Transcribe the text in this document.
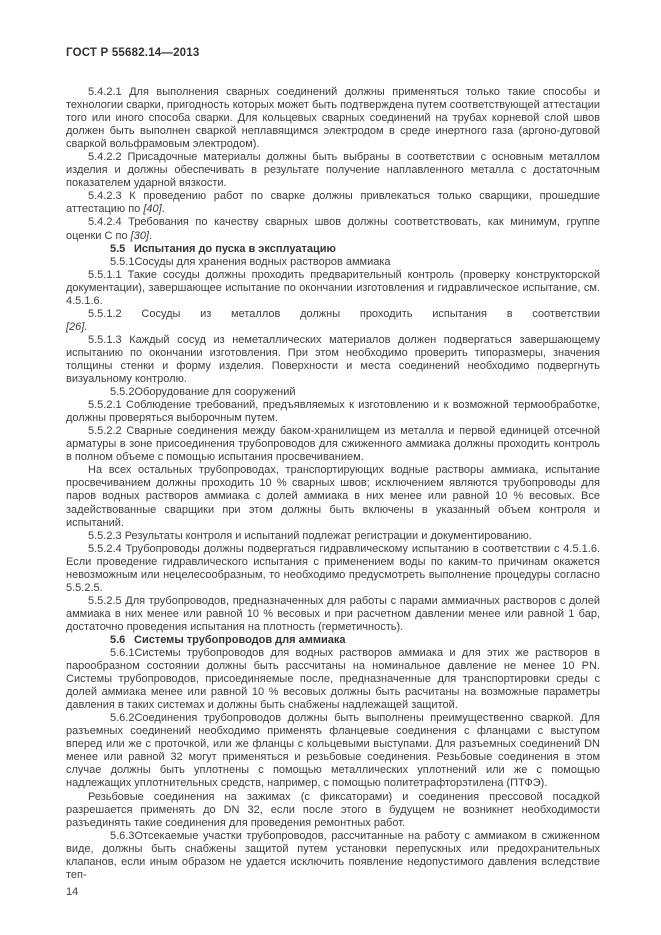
ГОСТ Р 55682.14—2013

5.4.2.1 Для выполнения сварных соединений должны применяться только такие способы и технологии сварки, пригодность которых может быть подтверждена путем соответствующей аттестации того или иного способа сварки. Для кольцевых сварных соединений на трубах корневой слой швов должен быть выполнен сваркой неплавящимся электродом в среде инертного газа (аргоно-дуговой сваркой вольфрамовым электродом).

5.4.2.2 Присадочные материалы должны быть выбраны в соответствии с основным металлом изделия и должны обеспечивать в результате получение наплавленного металла с достаточным показателем ударной вязкости.

5.4.2.3 К проведению работ по сварке должны привлекаться только сварщики, прошедшие аттестацию по [40].

5.4.2.4 Требования по качеству сварных швов должны соответствовать, как минимум, группе оценки С по [30].

5.5 Испытания до пуска в эксплуатацию

5.5.1Сосуды для хранения водных растворов аммиака

5.5.1.1 Такие сосуды должны проходить предварительный контроль (проверку конструкторской документации), завершающее испытание по окончании изготовления и гидравлическое испытание, см. 4.5.1.6.

5.5.1.2 Сосуды из металлов должны проходить испытания в соответствии
[26].

5.5.1.3 Каждый сосуд из неметаллических материалов должен подвергаться завершающему испытанию по окончании изготовления. При этом необходимо проверить типоразмеры, значения толщины стенки и форму изделия. Поверхности и места соединений необходимо подвергнуть визуальному контролю.

5.5.2Оборудование для сооружений

5.5.2.1 Соблюдение требований, предъявляемых к изготовлению и к возможной термообработке, должны проверяться выборочным путем.

5.5.2.2 Сварные соединения между баком-хранилищем из металла и первой единицей отсечной арматуры в зоне присоединения трубопроводов для сжиженного аммиака должны проходить контроль в полном объеме с помощью испытания просвечиванием.

На всех остальных трубопроводах, транспортирующих водные растворы аммиака, испытание просвечиванием должны проходить 10 % сварных швов; исключением являются трубопроводы для паров водных растворов аммиака с долей аммиака в них менее или равной 10 % весовых. Все задействованные сварщики при этом должны быть включены в указанный объем контроля и испытаний.

5.5.2.3 Результаты контроля и испытаний подлежат регистрации и документированию.

5.5.2.4 Трубопроводы должны подвергаться гидравлическому испытанию в соответствии с 4.5.1.6. Если проведение гидравлического испытания с применением воды по каким-то причинам окажется невозможным или нецелесообразным, то необходимо предусмотреть выполнение процедуры согласно 5.5.2.5.

5.5.2.5 Для трубопроводов, предназначенных для работы с парами аммиачных растворов с долей аммиака в них менее или равной 10 % весовых и при расчетном давлении менее или равной 1 бар, достаточно проведения испытания на плотность (герметичность).

5.6 Системы трубопроводов для аммиака

5.6.1Системы трубопроводов для водных растворов аммиака и для этих же растворов в парообразном состоянии должны быть рассчитаны на номинальное давление не менее 10 PN. Системы трубопроводов, присоединяемые после, предназначенные для транспортировки среды с долей аммиака менее или равной 10 % весовых должны быть расчитаны на возможные параметры давления в таких системах и должны быть снабжены надлежащей защитой.

5.6.2Соединения трубопроводов должны быть выполнены преимущественно сваркой. Для разъемных соединений необходимо применять фланцевые соединения с фланцами с выступом вперед или же с проточкой, или же фланцы с кольцевыми выступами. Для разъемных соединений DN менее или равной 32 могут применяться и резьбовые соединения. Резьбовые соединения в этом случае должны быть уплотнены с помощью металлических уплотнений или же с помощью надлежащих уплотнительных средств, например, с помощью политетрафторэтилена (ПТФЭ).

Резьбовые соединения на зажимах (с фиксаторами) и соединения прессовой посадкой разрешается применять до DN 32, если после этого в будущем не возникнет необходимости разъединять такие соединения для проведения ремонтных работ.

5.6.3Отсекаемые участки трубопроводов, рассчитанные на работу с аммиаком в сжиженном виде, должны быть снабжены защитой путем установки перепускных или предохранительных клапанов, если иным образом не удается исключить появление недопустимого давления вследствие теп-

14
